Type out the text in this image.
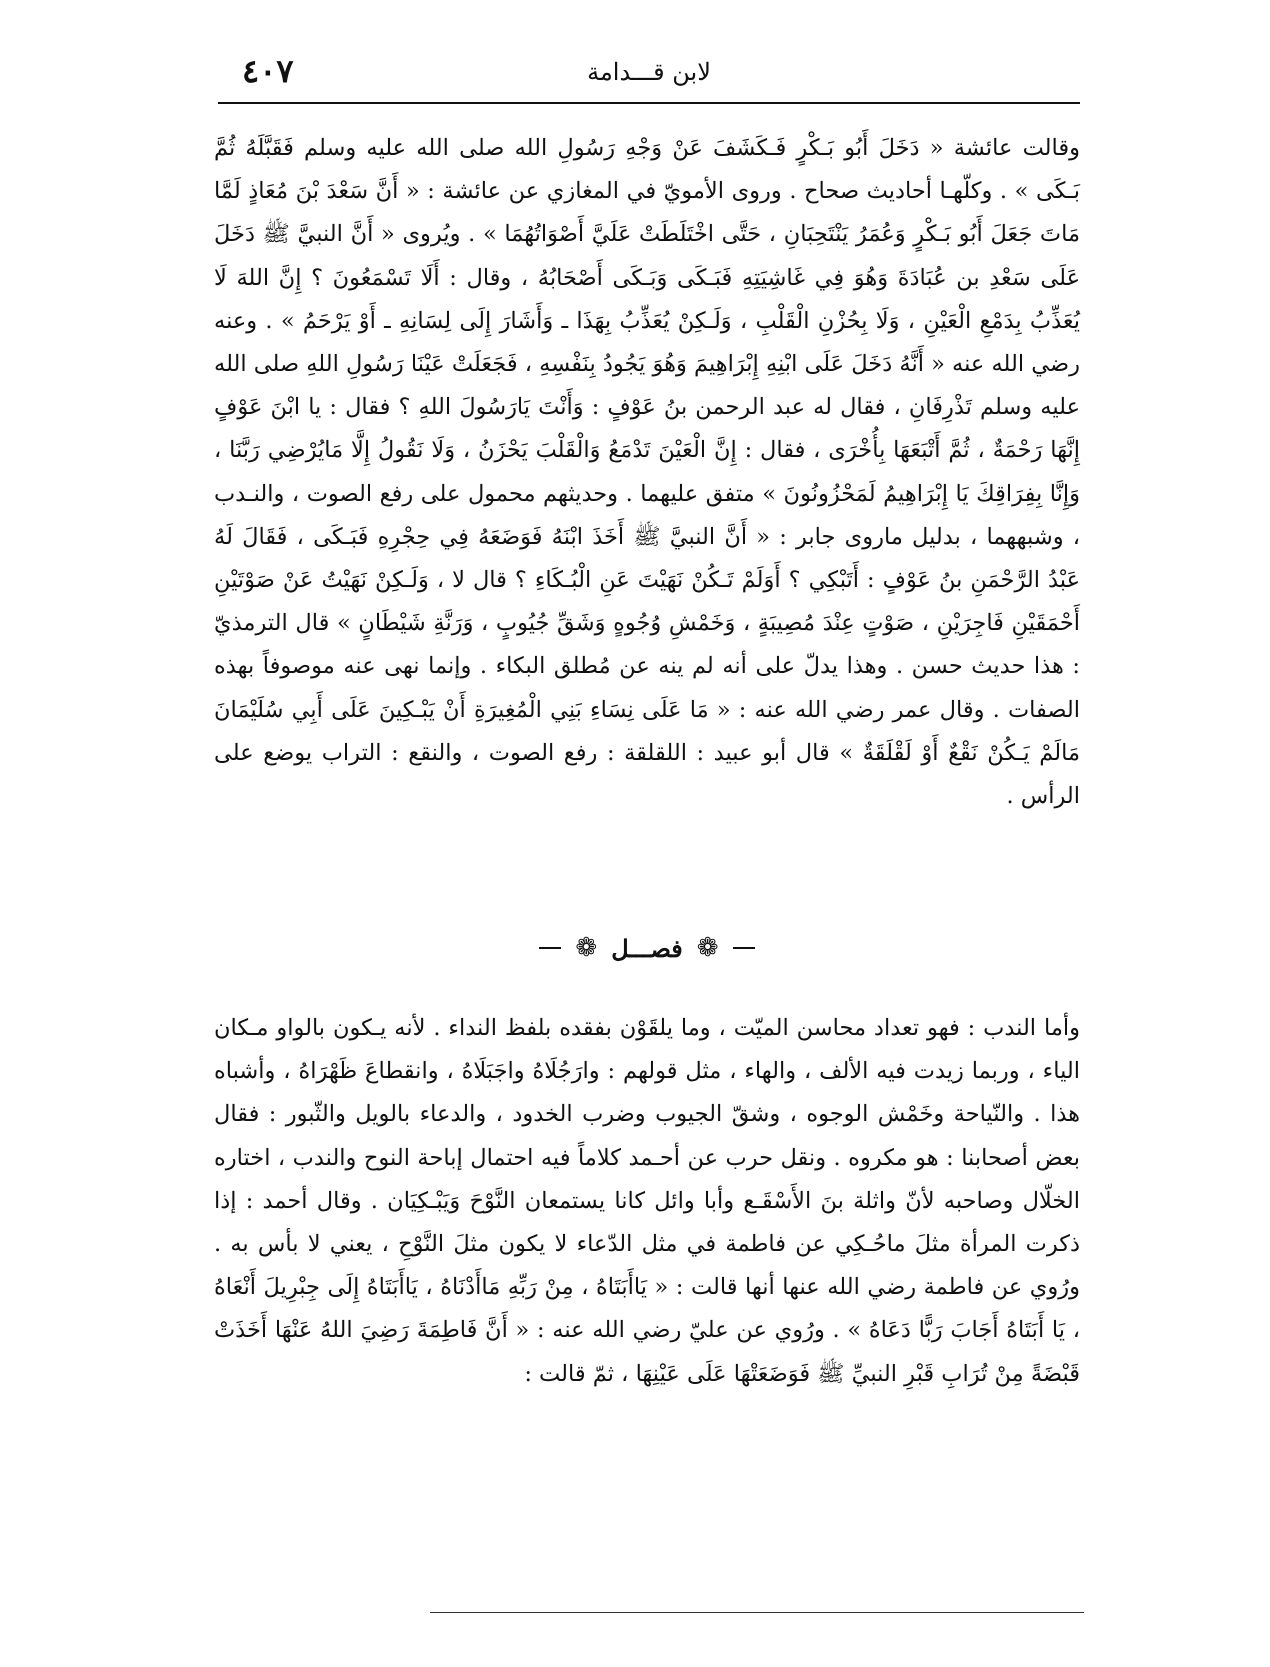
لابن قـــدامة
٤٠٧

وقالت عائشة « دَخَلَ أَبُو بَـكْرٍ فَـكَشَفَ عَنْ وَجْهِ رَسُولِ الله صلى الله عليه وسلم فَقَبَّلَهُ ثُمَّ بَـكَى » . وكلّهـا أحاديث صحاح . وروى الأمويّ في المغازي عن عائشة : « أَنَّ سَعْدَ بْنَ مُعَاذٍ لَمَّا مَاتَ جَعَلَ أَبُو بَـكْرٍ وَعُمَرُ يَنْتَحِبَانِ ، حَتَّى اخْتَلَطَتْ عَلَيَّ أَصْوَاتُهُمَا » . ويُروى « أَنَّ النبيَّ ﷺ دَخَلَ عَلَى سَعْدِ بن عُبَادَةَ وَهُوَ فِي غَاشِيَتِهِ فَبَـكَى وَبَـكَى أَصْحَابُهُ ، وقال : أَلَا تَسْمَعُونَ ؟ إِنَّ اللهَ لَا يُعَذِّبُ بِدَمْعِ الْعَيْنِ ، وَلَا بِحُزْنِ الْقَلْبِ ، وَلَـكِنْ يُعَذِّبُ بِهَذَا ـ وَأَشَارَ إِلَى لِسَانِهِ ـ أَوْ يَرْحَمُ » . وعنه رضي الله عنه « أَنَّهُ دَخَلَ عَلَى ابْنِهِ إِبْرَاهِيمَ وَهُوَ يَجُودُ بِنَفْسِهِ ، فَجَعَلَتْ عَيْنَا رَسُولِ اللهِ صلى الله عليه وسلم تَذْرِفَانِ ، فقال له عبد الرحمن بنُ عَوْفٍ : وَأَنْتَ يَارَسُولَ اللهِ ؟ فقال : يا ابْنَ عَوْفٍ إِنَّهَا رَحْمَةٌ ، ثُمَّ أَتْبَعَهَا بِأُخْرَى ، فقال : إِنَّ الْعَيْنَ تَدْمَعُ وَالْقَلْبَ يَحْزَنُ ، وَلَا نَقُولُ إِلَّا مَايُرْضِي رَبَّنَا ، وَإِنَّا بِفِرَاقِكَ يَا إِبْرَاهِيمُ لَمَحْزُونُونَ » متفق عليهما . وحديثهم محمول على رفع الصوت ، والنـدب ، وشبههما ، بدليل ماروى جابر : « أَنَّ النبيَّ ﷺ أَخَذَ ابْنَهُ فَوَضَعَهُ فِي حِجْرِهِ فَبَـكَى ، فَقَالَ لَهُ عَبْدُ الرَّحْمَنِ بنُ عَوْفٍ : أَتَبْكِي ؟ أَوَلَمْ تَـكُنْ نَهَيْتَ عَنِ الْبُـكَاءِ ؟ قال لا ، وَلَـكِنْ نَهَيْتُ عَنْ صَوْتَيْنِ أَحْمَقَيْنِ فَاجِرَيْنِ ، صَوْتٍ عِنْدَ مُصِيبَةٍ ، وَخَمْشِ وُجُوهٍ وَشَقِّ جُيُوبٍ ، وَرَنَّةِ شَيْطَانٍ » قال الترمذيّ : هذا حديث حسن . وهذا يدلّ على أنه لم ينه عن مُطلق البكاء . وإنما نهى عنه موصوفاً بهذه الصفات . وقال عمر رضي الله عنه : « مَا عَلَى نِسَاءِ بَنِي الْمُغِيرَةِ أَنْ يَبْـكِينَ عَلَى أَبِي سُلَيْمَانَ مَالَمْ يَـكُنْ نَقْعٌ أَوْ لَقْلَقَةٌ » قال أبو عبيد : اللقلقة : رفع الصوت ، والنقع : التراب يوضع على الرأس .

❁
فصـــل
❁

وأما الندب : فهو تعداد محاسن الميّت ، وما يلقَوْن بفقده بلفظ النداء . لأنه يـكون بالواو مـكان الياء ، وربما زيدت فيه الألف ، والهاء ، مثل قولهم : وارَجُلَاهُ واجَبَلَاهُ ، وانقطاعَ ظَهْرَاهُ ، وأشباه هذا . والنّياحة وخَمْش الوجوه ، وشقّ الجيوب وضرب الخدود ، والدعاء بالويل والثّبور : فقال بعض أصحابنا : هو مكروه . ونقل حرب عن أحـمد كلاماً فيه احتمال إباحة النوح والندب ، اختاره الخلّال وصاحبه لأنّ واثلة بنَ الأَسْقَـع وأبا وائل كانا يستمعان النَّوْحَ وَيَبْـكِيَان . وقال أحمد : إذا ذكرت المرأة مثلَ ماحُـكِي عن فاطمة في مثل الدّعاء لا يكون مثلَ النَّوْحِ ، يعني لا بأس به . ورُوي عن فاطمة رضي الله عنها أنها قالت : « يَاأَبَتَاهُ ، مِنْ رَبِّهِ مَاأَدْنَاهُ ، يَاأَبَتَاهُ إِلَى جِبْرِيلَ أَنْعَاهُ ، يَا أَبَتَاهُ أَجَابَ رَبًّا دَعَاهُ » . ورُوي عن عليّ رضي الله عنه : « أَنَّ فَاطِمَةَ رَضِيَ اللهُ عَنْهَا أَخَذَتْ قَبْضَةً مِنْ تُرَابِ قَبْرِ النبيِّ ﷺ فَوَضَعَتْهَا عَلَى عَيْنِهَا ، ثمّ قالت :
